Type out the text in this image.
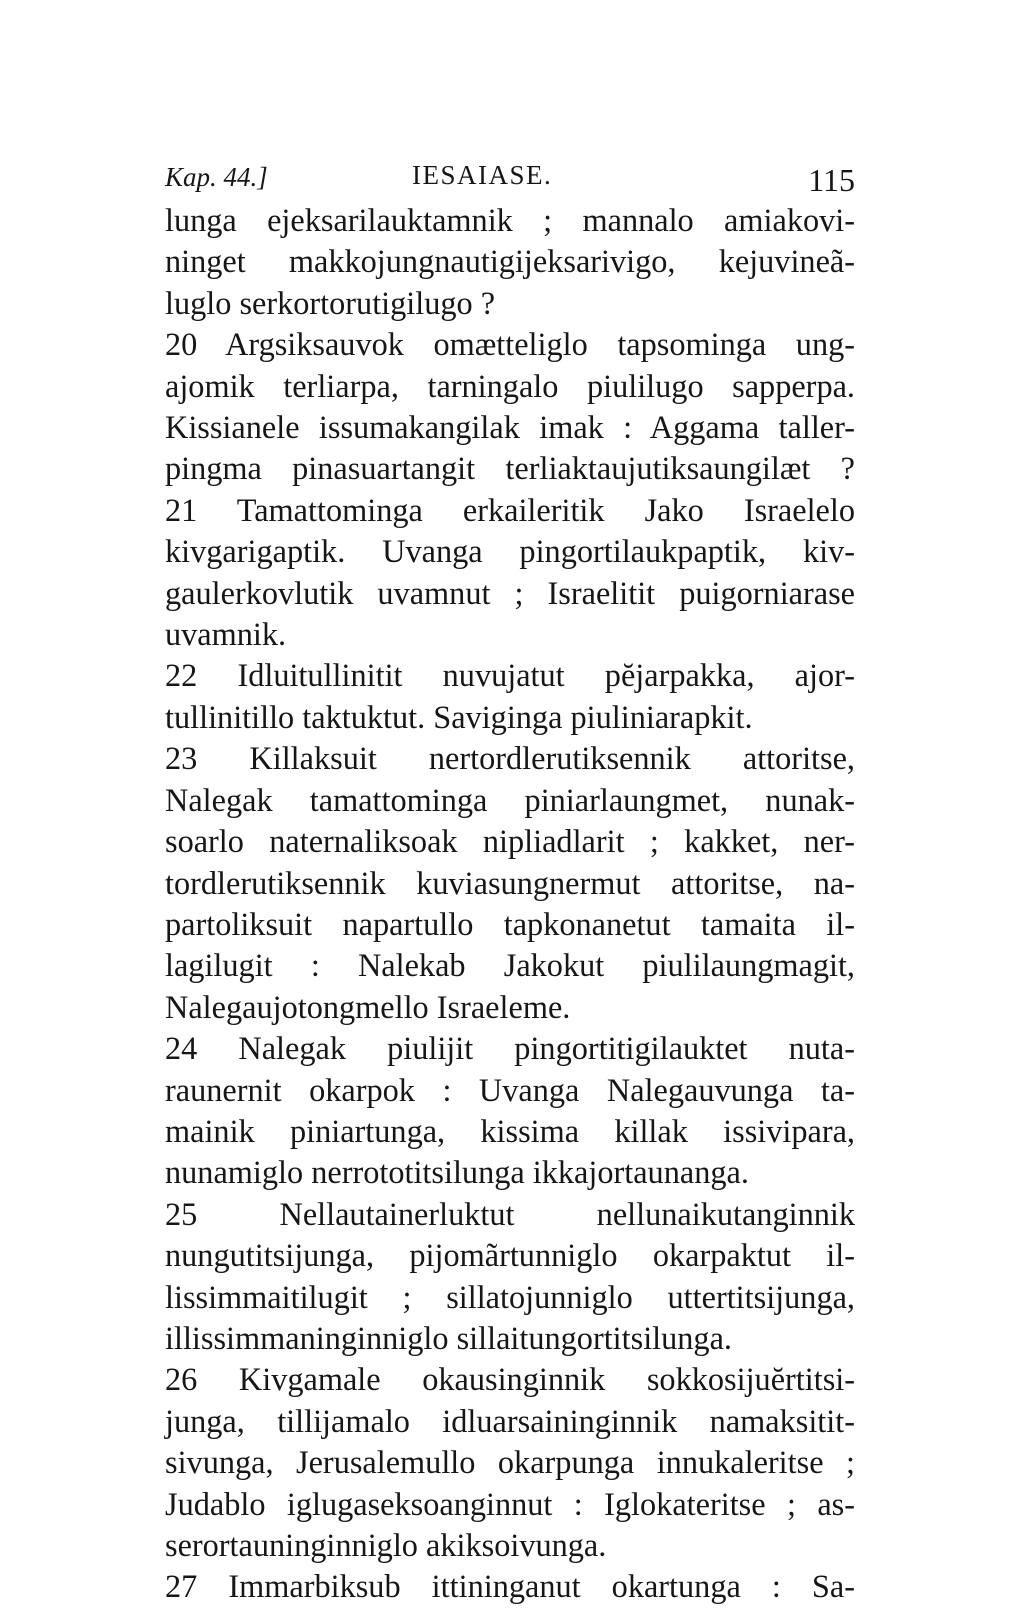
Kap. 44.]	IESAIASE.	115
lunga ejeksarilauktamnik ; mannalo amiakovi-
ninget makkojungnautigijeksarivigo, kejuvineã-
luglo serkortorutigilugo ?
20 Argsiksauvok omætteliglo tapsominga ung-
ajomik terliarpa, tarningalo piulilugo sapperpa.
Kissianele issumakangilak imak : Aggama taller-
pingma pinasuartangit terliaktaujutiksaungilæt ?
21 Tamattominga erkaileritik Jako Israelelo
kivgarigaptik. Uvanga pingortilaukpaptik, kiv-
gaulerkovlutik uvamnut ; Israelitit puigorniarase
uvamnik.
22 Idluitullinitit nuvujatut pĕjarpakka, ajor-
tullinitillo taktuktut. Saviginga piuliniarapkit.
23 Killaksuit nertordlerutiksennik attoritse,
Nalegak tamattominga piniarlaungmet, nunak-
soarlo naternaliksoak nipliadlarit ; kakket, ner-
tordlerutiksennik kuviasungnermut attoritse, na-
partoliksuit napartullo tapkonanetut tamaita il-
lagilugit : Nalekab Jakokut piulilaungmagit,
Nalegaujotongmello Israeleme.
24 Nalegak piulijit pingortitigilauktet nuta-
raunernit okarpok : Uvanga Nalegauvunga ta-
mainik piniartunga, kissima killak issivipara,
nunamiglo nerrototitsilunga ikkajortaunanga.
25 Nellautainerluktut nellunaikutanginnik
nungutitsijunga, pijomãrtunniglo okarpaktut il-
lissimmaitilugit ; sillatojunniglo uttertitsijunga,
illissimmaninginniglo sillaitungortitsilunga.
26 Kivgamale okausinginnik sokkosijuĕrtitsi-
junga, tillijamalo idluarsaininginnik namaksitit-
sivunga, Jerusalemullo okarpunga innukaleritse ;
Judablo iglugaseksoanginnut : Iglokateritse ; as-
serortauninginniglo akiksoivunga.
27 Immarbiksub ittininganut okartunga : Sa-
